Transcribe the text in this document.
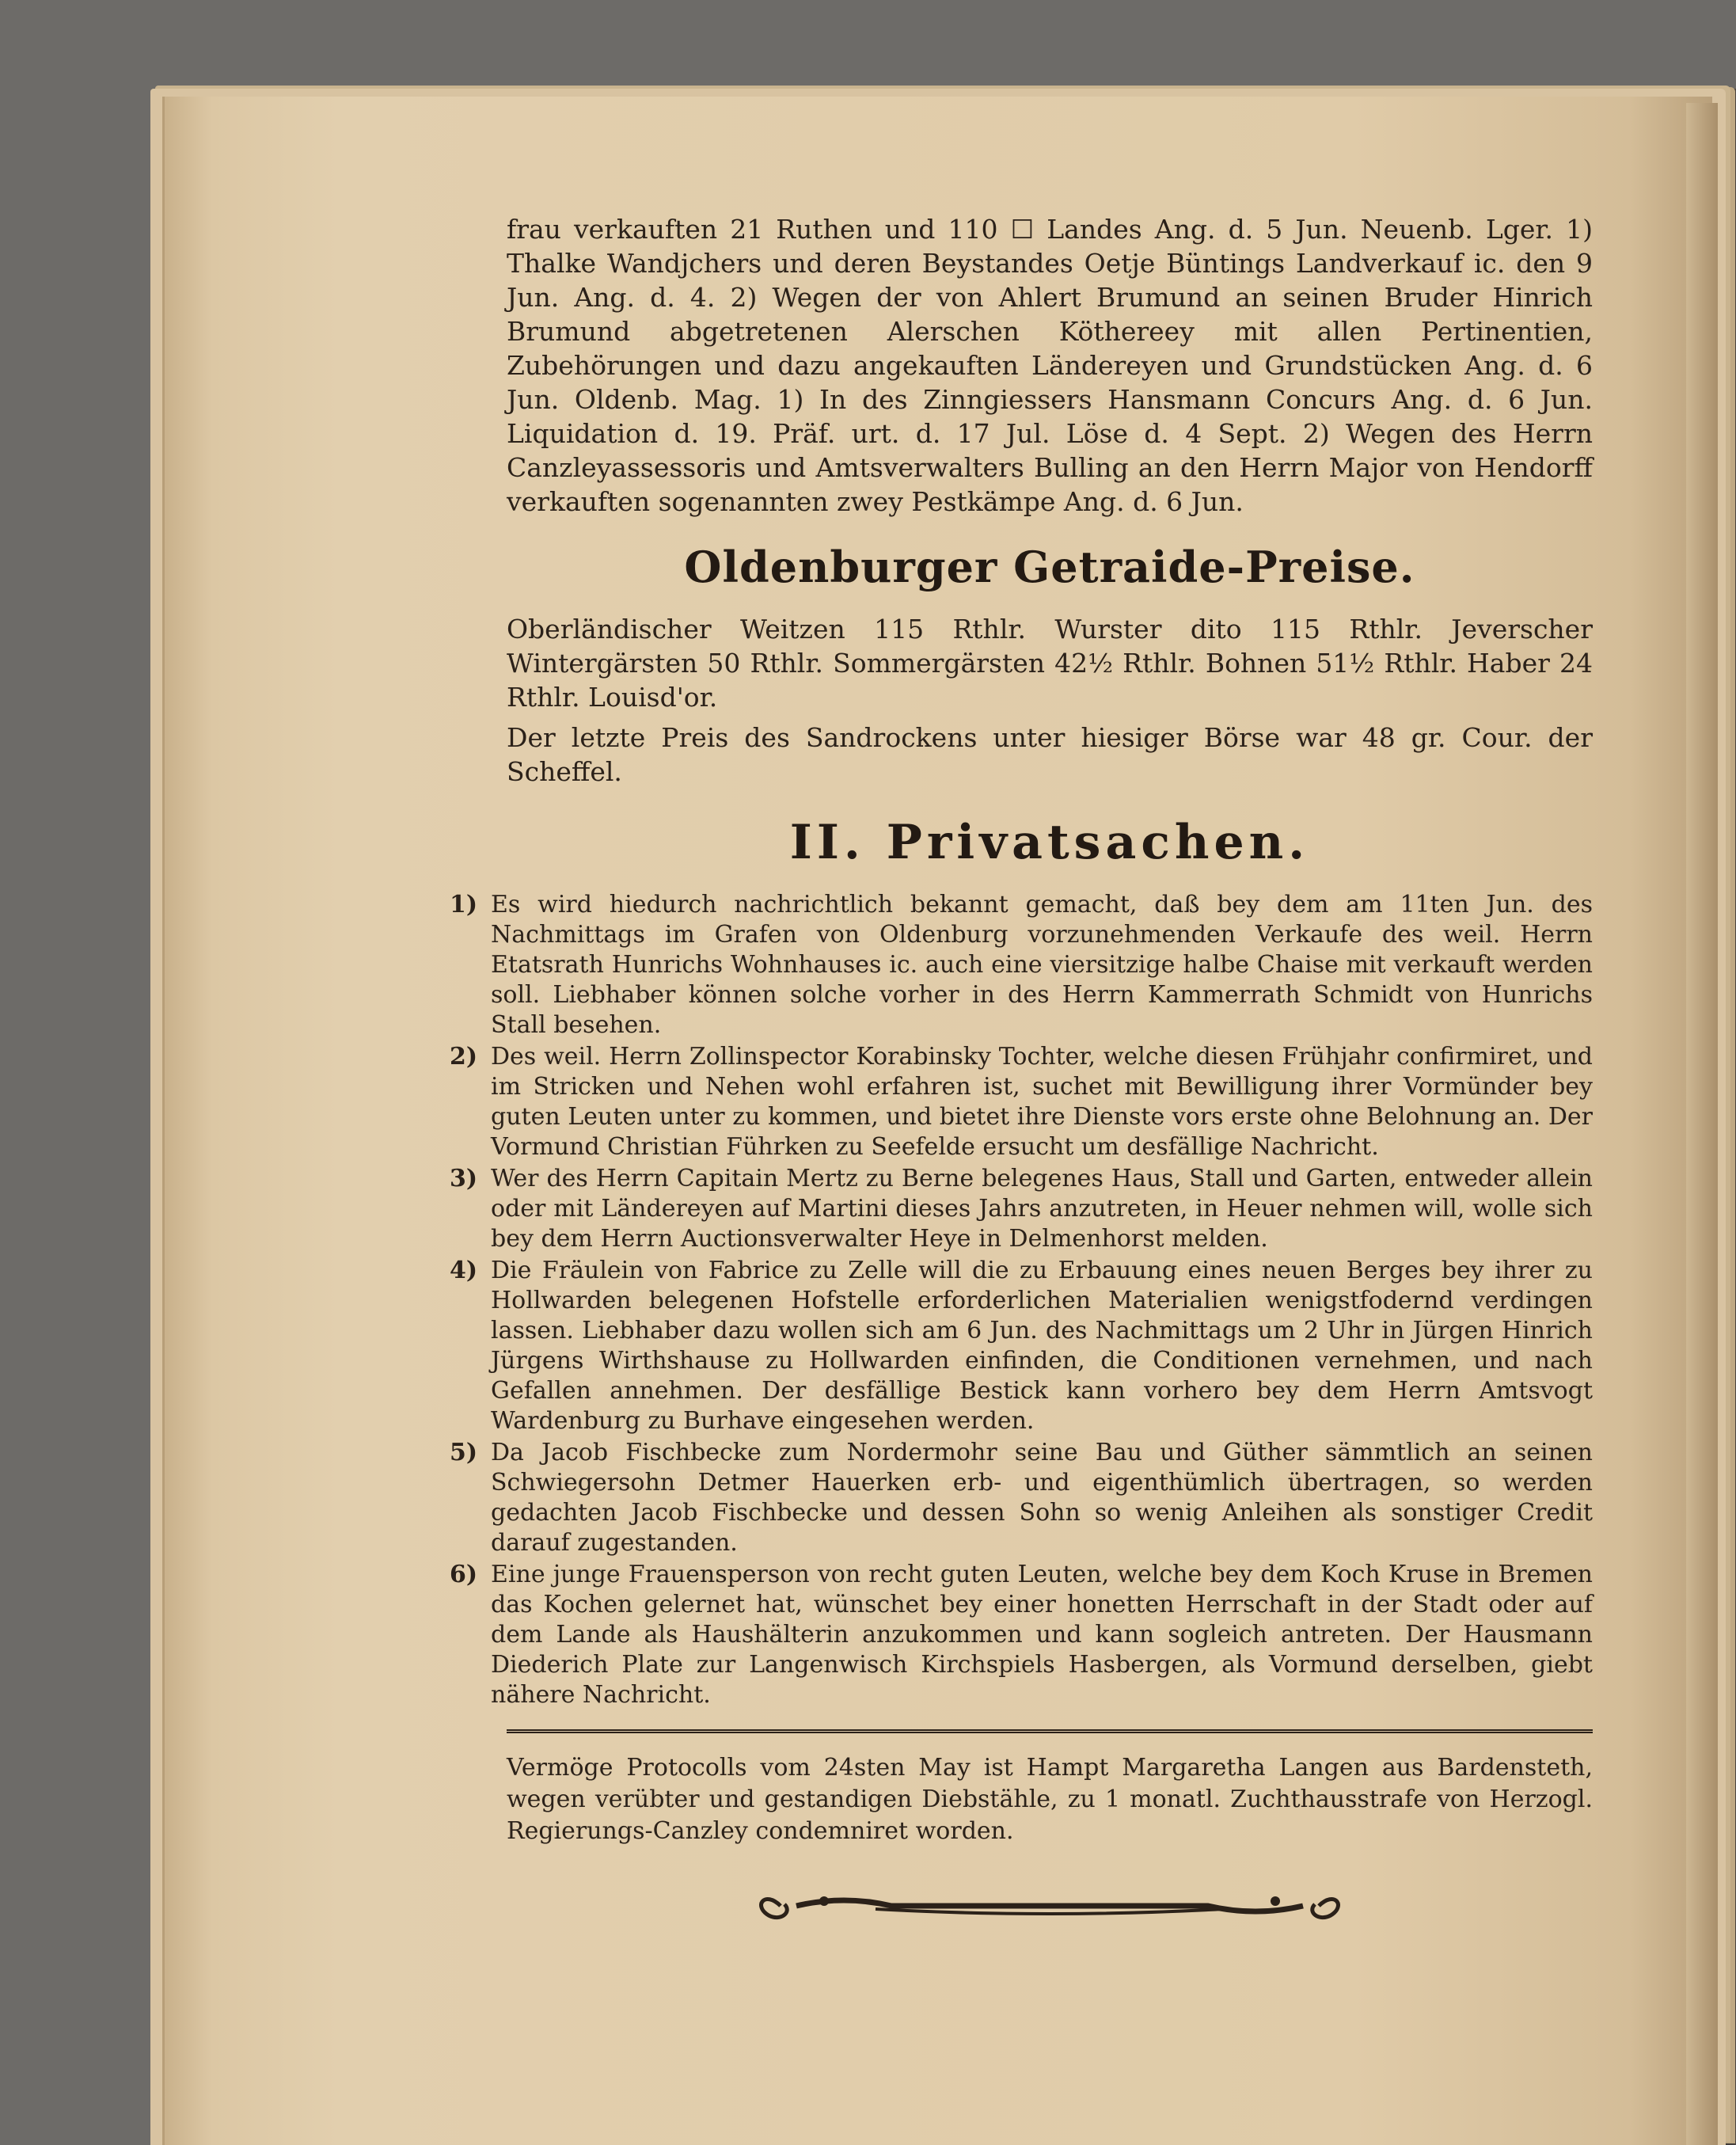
frau verkauften 21 Ruthen und 110 ☐ Landes Ang. d. 5 Jun. Neuenb. Lger. 1) Thalke Wandjchers und deren Beystandes Oetje Büntings Landverkauf ic. den 9 Jun. Ang. d. 4. 2) Wegen der von Ahlert Brumund an seinen Bruder Hinrich Brumund abgetretenen Alerschen Köthereey mit allen Pertinentien, Zubehörungen und dazu angekauften Ländereyen und Grundstücken Ang. d. 6 Jun. Oldenb. Mag. 1) In des Zinngiessers Hansmann Concurs Ang. d. 6 Jun. Liquidation d. 19. Präf. urt. d. 17 Jul. Löse d. 4 Sept. 2) Wegen des Herrn Canzleyassessoris und Amtsverwalters Bulling an den Herrn Major von Hendorff verkauften sogenannten zwey Pestkämpe Ang. d. 6 Jun.

Oldenburger Getraide-Preise.

Oberländischer Weitzen 115 Rthlr. Wurster dito 115 Rthlr. Jeverscher Wintergärsten 50 Rthlr. Sommergärsten 42½ Rthlr. Bohnen 51½ Rthlr. Haber 24 Rthlr. Louisd'or.

Der letzte Preis des Sandrockens unter hiesiger Börse war 48 gr. Cour. der Scheffel.

II. Privatsachen.
1) Es wird hiedurch nachrichtlich bekannt gemacht, daß bey dem am 11ten Jun. des Nachmittags im Grafen von Oldenburg vorzunehmenden Verkaufe des weil. Herrn Etatsrath Hunrichs Wohnhauses ic. auch eine viersitzige halbe Chaise mit verkauft werden soll. Liebhaber können solche vorher in des Herrn Kammerrath Schmidt von Hunrichs Stall besehen.
2) Des weil. Herrn Zollinspector Korabinsky Tochter, welche diesen Frühjahr confirmiret, und im Stricken und Nehen wohl erfahren ist, suchet mit Bewilligung ihrer Vormünder bey guten Leuten unter zu kommen, und bietet ihre Dienste vors erste ohne Belohnung an. Der Vormund Christian Führken zu Seefelde ersucht um desfällige Nachricht.
3) Wer des Herrn Capitain Mertz zu Berne belegenes Haus, Stall und Garten, entweder allein oder mit Ländereyen auf Martini dieses Jahrs anzutreten, in Heuer nehmen will, wolle sich bey dem Herrn Auctionsverwalter Heye in Delmenhorst melden.
4) Die Fräulein von Fabrice zu Zelle will die zu Erbauung eines neuen Berges bey ihrer zu Hollwarden belegenen Hofstelle erforderlichen Materialien wenigstfodernd verdingen lassen. Liebhaber dazu wollen sich am 6 Jun. des Nachmittags um 2 Uhr in Jürgen Hinrich Jürgens Wirthshause zu Hollwarden einfinden, die Conditionen vernehmen, und nach Gefallen annehmen. Der desfällige Bestick kann vorhero bey dem Herrn Amtsvogt Wardenburg zu Burhave eingesehen werden.
5) Da Jacob Fischbecke zum Nordermohr seine Bau und Güther sämmtlich an seinen Schwiegersohn Detmer Hauerken erb- und eigenthümlich übertragen, so werden gedachten Jacob Fischbecke und dessen Sohn so wenig Anleihen als sonstiger Credit darauf zugestanden.
6) Eine junge Frauensperson von recht guten Leuten, welche bey dem Koch Kruse in Bremen das Kochen gelernet hat, wünschet bey einer honetten Herrschaft in der Stadt oder auf dem Lande als Haushälterin anzukommen und kann sogleich antreten. Der Hausmann Diederich Plate zur Langenwisch Kirchspiels Hasbergen, als Vormund derselben, giebt nähere Nachricht.

Vermöge Protocolls vom 24sten May ist Hampt Margaretha Langen aus Bardensteth, wegen verübter und gestandigen Diebstähle, zu 1 monatl. Zuchthausstrafe von Herzogl. Regierungs-Canzley condemniret worden.
